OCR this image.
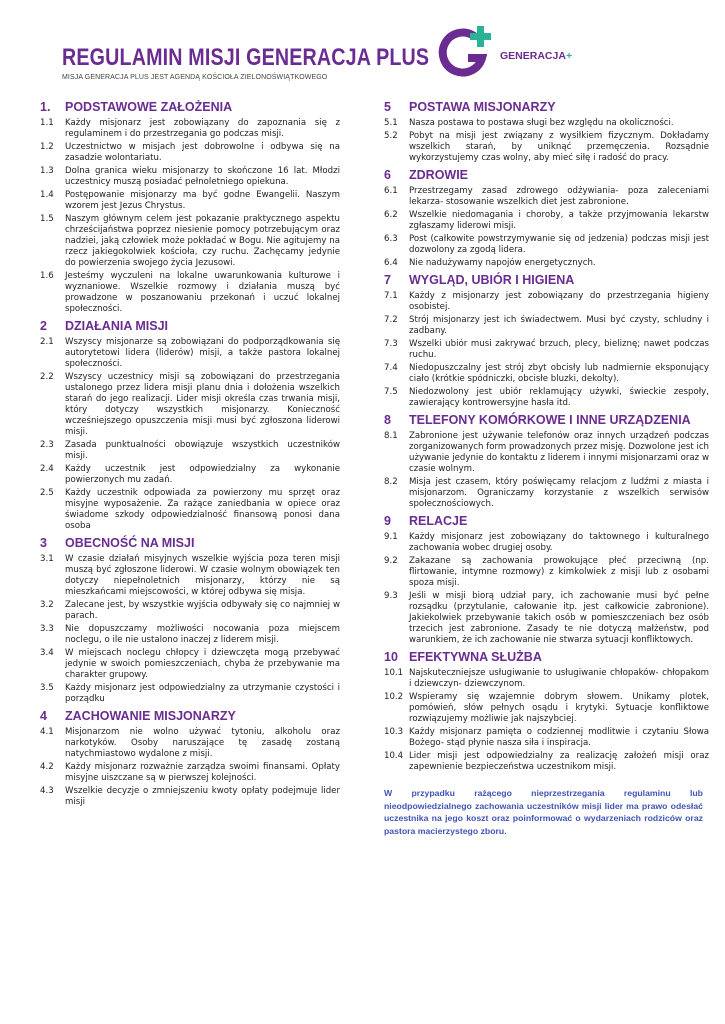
REGULAMIN MISJI GENERACJA PLUS
MISJA GENERACJA PLUS JEST AGENDĄ KOŚCIOŁA ZIELONOŚWIĄTKOWEGO
GENERACJA+
1.	PODSTAWOWE ZAŁOŻENIA
1.1	Każdy misjonarz jest zobowiązany do zapoznania się z regulaminem i do przestrzegania go podczas misji.
1.2	Uczestnictwo w misjach jest dobrowolne i odbywa się na zasadzie wolontariatu.
1.3	Dolna granica wieku misjonarzy to skończone 16 lat. Młodzi uczestnicy muszą posiadać pełnoletniego opiekuna.
1.4	Postępowanie misjonarzy ma być godne Ewangelii. Naszym wzorem jest Jezus Chrystus.
1.5	Naszym głównym celem jest pokazanie praktycznego aspektu chrześcijaństwa poprzez niesienie pomocy potrzebującym oraz nadziei, jaką człowiek może pokładać w Bogu. Nie agitujemy na rzecz jakiegokolwiek kościoła, czy ruchu. Zachęcamy jedynie do powierzenia swojego życia Jezusowi.
1.6	Jesteśmy wyczuleni na lokalne uwarunkowania kulturowe i wyznaniowe. Wszelkie rozmowy i działania muszą być prowadzone w poszanowaniu przekonań i uczuć lokalnej społeczności.
2	DZIAŁANIA MISJI
2.1	Wszyscy misjonarze są zobowiązani do podporządkowania się autorytetowi lidera (liderów) misji, a także pastora lokalnej społeczności.
2.2	Wszyscy uczestnicy misji są zobowiązani do przestrzegania ustalonego przez lidera misji planu dnia i dołożenia wszelkich starań do jego realizacji. Lider misji określa czas trwania misji, który dotyczy wszystkich misjonarzy. Konieczność wcześniejszego opuszczenia misji musi być zgłoszona liderowi misji.
2.3	Zasada punktualności obowiązuje wszystkich uczestników misji.
2.4	Każdy uczestnik jest odpowiedzialny za wykonanie powierzonych mu zadań.
2.5	Każdy uczestnik odpowiada za powierzony mu sprzęt oraz misyjne wyposażenie. Za rażące zaniedbania w opiece oraz świadome szkody odpowiedzialność finansową ponosi dana osoba
3	OBECNOŚĆ NA MISJI
3.1	W czasie działań misyjnych wszelkie wyjścia poza teren misji muszą być zgłoszone liderowi. W czasie wolnym obowiązek ten dotyczy niepełnoletnich misjonarzy, którzy nie są mieszkańcami miejscowości, w której odbywa się misja.
3.2	Zalecane jest, by wszystkie wyjścia odbywały się co najmniej w parach.
3.3	Nie dopuszczamy możliwości nocowania poza miejscem noclegu, o ile nie ustalono inaczej z liderem misji.
3.4	W miejscach noclegu chłopcy i dziewczęta mogą przebywać jedynie w swoich pomieszczeniach, chyba że przebywanie ma charakter grupowy.
3.5	Każdy misjonarz jest odpowiedzialny za utrzymanie czystości i porządku
4	ZACHOWANIE MISJONARZY
4.1	Misjonarzom nie wolno używać tytoniu, alkoholu oraz narkotyków. Osoby naruszające tę zasadę zostaną natychmiastowo wydalone z misji.
4.2	Każdy misjonarz rozważnie zarządza swoimi finansami. Opłaty misyjne uiszczane są w pierwszej kolejności.
4.3	Wszelkie decyzje o zmniejszeniu kwoty opłaty podejmuje lider misji
5	POSTAWA MISJONARZY
5.1	Nasza postawa to postawa sługi bez względu na okoliczności.
5.2	Pobyt na misji jest związany z wysiłkiem fizycznym. Dokładamy wszelkich starań, by uniknąć przemęczenia. Rozsądnie wykorzystujemy czas wolny, aby mieć siłę i radość do pracy.
6	ZDROWIE
6.1	Przestrzegamy zasad zdrowego odżywiania- poza zaleceniami lekarza- stosowanie wszelkich diet jest zabronione.
6.2	Wszelkie niedomagania i choroby, a także przyjmowania lekarstw zgłaszamy liderowi misji.
6.3	Post (całkowite powstrzymywanie się od jedzenia) podczas misji jest dozwolony za zgodą lidera.
6.4	Nie nadużywamy napojów energetycznych.
7	WYGLĄD, UBIÓR I HIGIENA
7.1	Każdy z misjonarzy jest zobowiązany do przestrzegania higieny osobistej.
7.2	Strój misjonarzy jest ich świadectwem. Musi być czysty, schludny i zadbany.
7.3	Wszelki ubiór musi zakrywać brzuch, plecy, bieliznę; nawet podczas ruchu.
7.4	Niedopuszczalny jest strój zbyt obcisły lub nadmiernie eksponujący ciało (krótkie spódniczki, obcisłe bluzki, dekolty).
7.5	Niedozwolony jest ubiór reklamujący używki, świeckie zespoły, zawierający kontrowersyjne hasła itd.
8	TELEFONY KOMÓRKOWE I INNE URZĄDZENIA
8.1	Zabronione jest używanie telefonów oraz innych urządzeń podczas zorganizowanych form prowadzonych przez misję. Dozwolone jest ich używanie jedynie do kontaktu z liderem i innymi misjonarzami oraz w czasie wolnym.
8.2	Misja jest czasem, który poświęcamy relacjom z ludźmi z miasta i misjonarzom. Ograniczamy korzystanie z wszelkich serwisów społecznościowych.
9	RELACJE
9.1	Każdy misjonarz jest zobowiązany do taktownego i kulturalnego zachowania wobec drugiej osoby.
9.2	Zakazane są zachowania prowokujące płeć przeciwną (np. flirtowanie, intymne rozmowy) z kimkolwiek z misji lub z osobami spoza misji.
9.3	Jeśli w misji biorą udział pary, ich zachowanie musi być pełne rozsądku (przytulanie, całowanie itp. jest całkowicie zabronione). Jakiekolwiek przebywanie takich osób w pomieszczeniach bez osób trzecich jest zabronione. Zasady te nie dotyczą małżeństw, pod warunkiem, że ich zachowanie nie stwarza sytuacji konfliktowych.
10 EFEKTYWNA SŁUŻBA
10.1 Najskuteczniejsze usługiwanie to usługiwanie chłopaków- chłopakom i dziewczyn- dziewczynom.
10.2 Wspieramy się wzajemnie dobrym słowem. Unikamy plotek, pomówień, słów pełnych osądu i krytyki. Sytuacje konfliktowe rozwiązujemy możliwie jak najszybciej.
10.3 Każdy misjonarz pamięta o codziennej modlitwie i czytaniu Słowa Bożego- stąd płynie nasza siła i inspiracja.
10.4 Lider misji jest odpowiedzialny za realizację założeń misji oraz zapewnienie bezpieczeństwa uczestnikom misji.

W przypadku rażącego nieprzestrzegania regulaminu lub nieodpowiedzialnego zachowania uczestników misji lider ma prawo odesłać uczestnika na jego koszt oraz poinformować o wydarzeniach rodziców oraz pastora macierzystego zboru.
